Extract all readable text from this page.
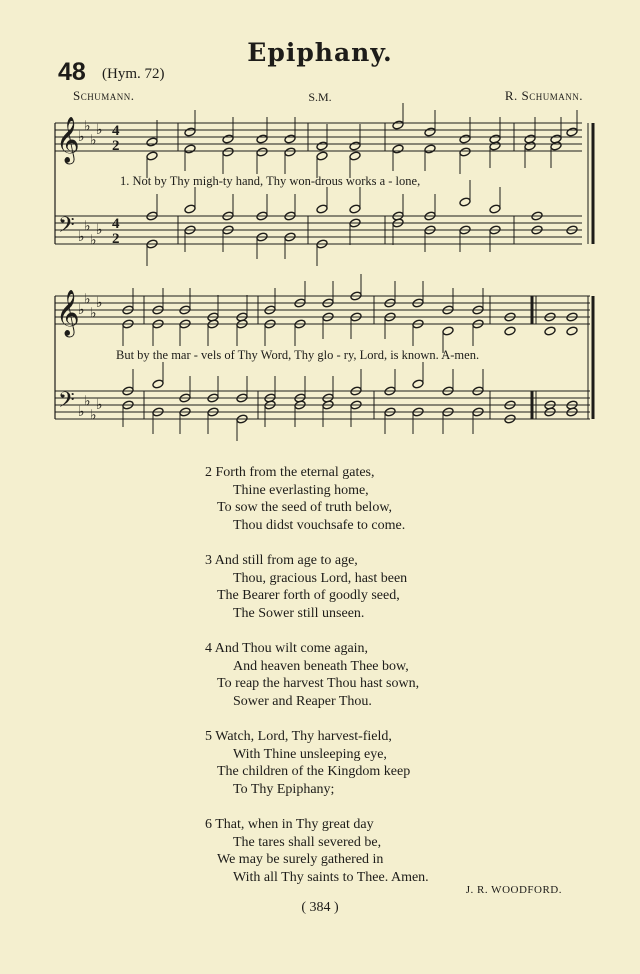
Epiphany.
48 (Hym. 72)
Schumann.	S.M.	R. Schumann.
𝄞
𝄢
♭
♭
♭
♭
♭
♭
♭
♭
4
2
4
2
𝄞
𝄢
♭
♭
♭
♭
♭
♭
♭
♭
1. Not by Thy migh-ty hand, Thy won-drous works a - lone,
But by the mar - vels of Thy Word, Thy glo - ry, Lord, is known. A-men.
2 Forth from the eternal gates,
Thine everlasting home,
To sow the seed of truth below,
Thou didst vouchsafe to come.
3 And still from age to age,
Thou, gracious Lord, hast been
The Bearer forth of goodly seed,
The Sower still unseen.
4 And Thou wilt come again,
And heaven beneath Thee bow,
To reap the harvest Thou hast sown,
Sower and Reaper Thou.
5 Watch, Lord, Thy harvest-field,
With Thine unsleeping eye,
The children of the Kingdom keep
To Thy Epiphany;
6 That, when in Thy great day
The tares shall severed be,
We may be surely gathered in
With all Thy saints to Thee. Amen.
J. R. WOODFORD.
( 384 )
